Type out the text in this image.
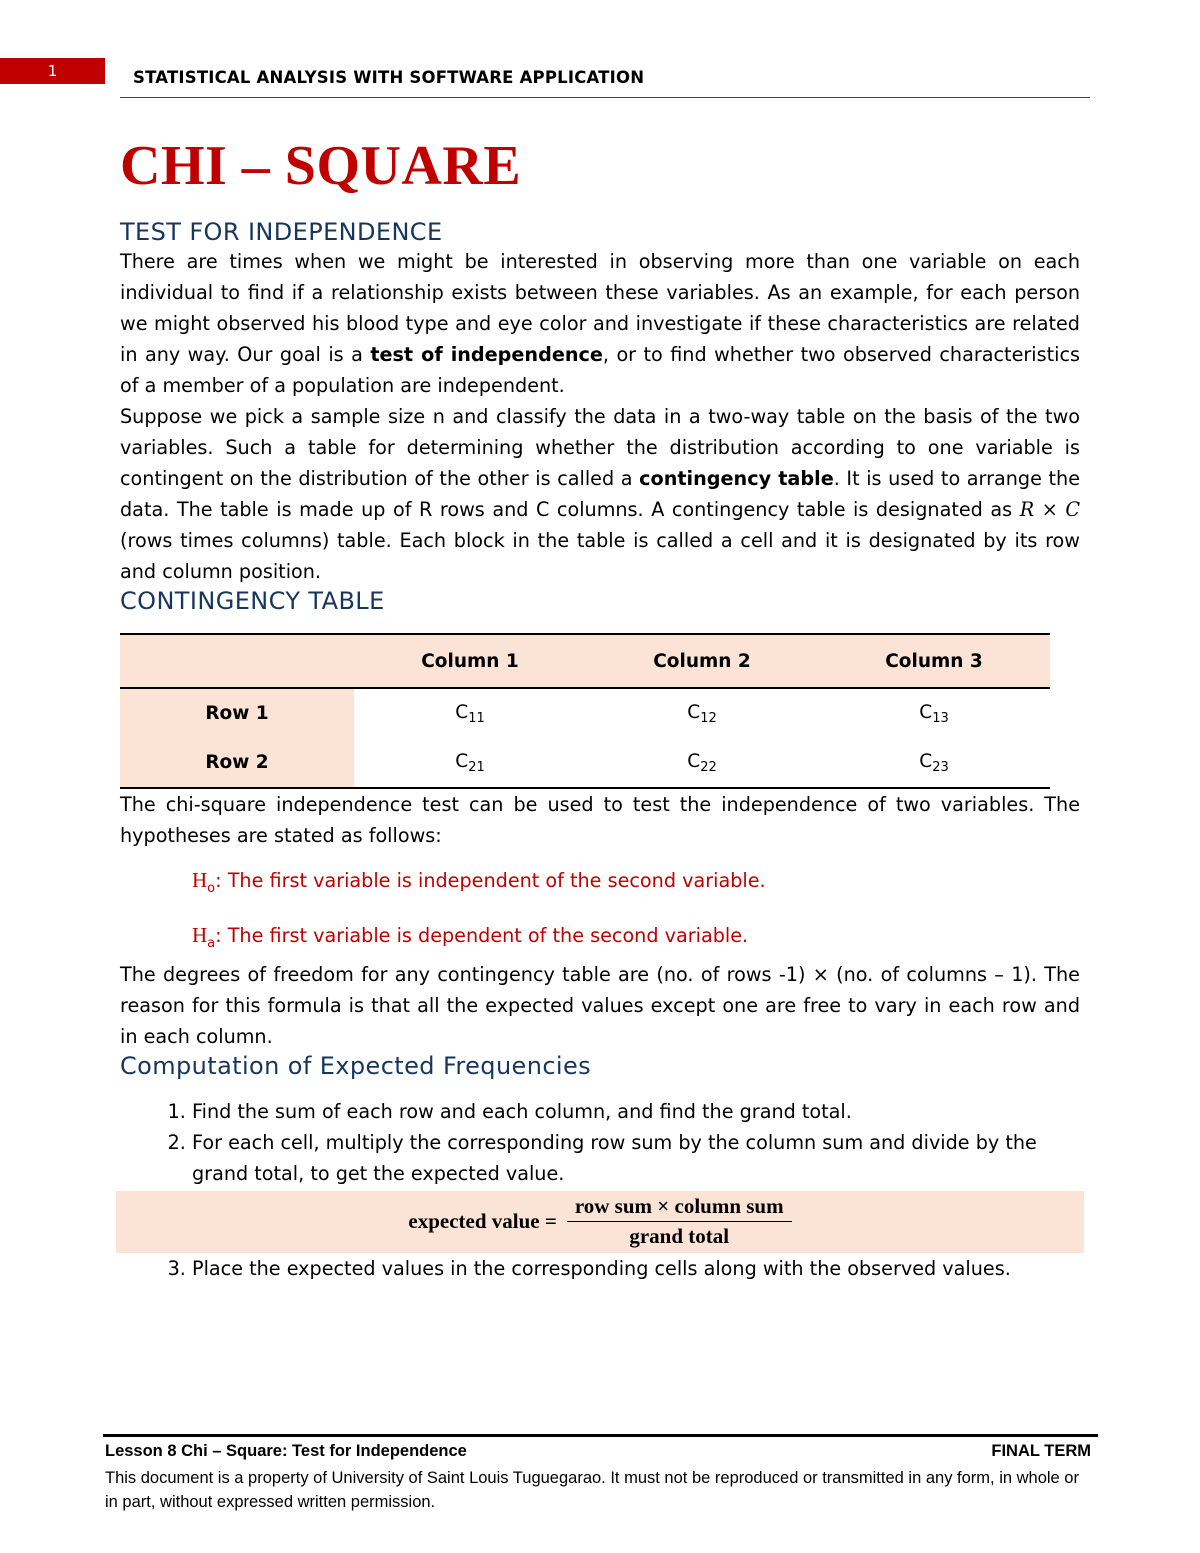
1	STATISTICAL ANALYSIS WITH SOFTWARE APPLICATION
CHI – SQUARE
TEST FOR INDEPENDENCE

There are times when we might be interested in observing more than one variable on each individual to find if a relationship exists between these variables. As an example, for each person we might observed his blood type and eye color and investigate if these characteristics are related in any way. Our goal is a test of independence, or to find whether two observed characteristics of a member of a population are independent.

Suppose we pick a sample size n and classify the data in a two-way table on the basis of the two variables. Such a table for determining whether the distribution according to one variable is contingent on the distribution of the other is called a contingency table. It is used to arrange the data. The table is made up of R rows and C columns. A contingency table is designated as R × C (rows times columns) table. Each block in the table is called a cell and it is designated by its row and column position.

CONTINGENCY TABLE
	Column 1	Column 2	Column 3
Row 1	$C_{11}$	$C_{12}$	$C_{13}$
Row 2	$C_{21}$	$C_{22}$	$C_{23}$

The chi-square independence test can be used to test the independence of two variables. The hypotheses are stated as follows:

$H_o$: The first variable is independent of the second variable.
$H_a$: The first variable is dependent of the second variable.

The degrees of freedom for any contingency table are (no. of rows -1) × (no. of columns – 1). The reason for this formula is that all the expected values except one are free to vary in each row and in each column.

Computation of Expected Frequencies
1. Find the sum of each row and each column, and find the grand total.
2. For each cell, multiply the corresponding row sum by the column sum and divide by the grand total, to get the expected value.
expected value = $\frac{\text{row sum × column sum}}{\text{grand total}}$
3. Place the expected values in the corresponding cells along with the observed values.
Lesson 8 Chi – Square: Test for Independence	FINAL TERM
This document is a property of University of Saint Louis Tuguegarao. It must not be reproduced or transmitted in any form, in whole or in part, without expressed written permission.
